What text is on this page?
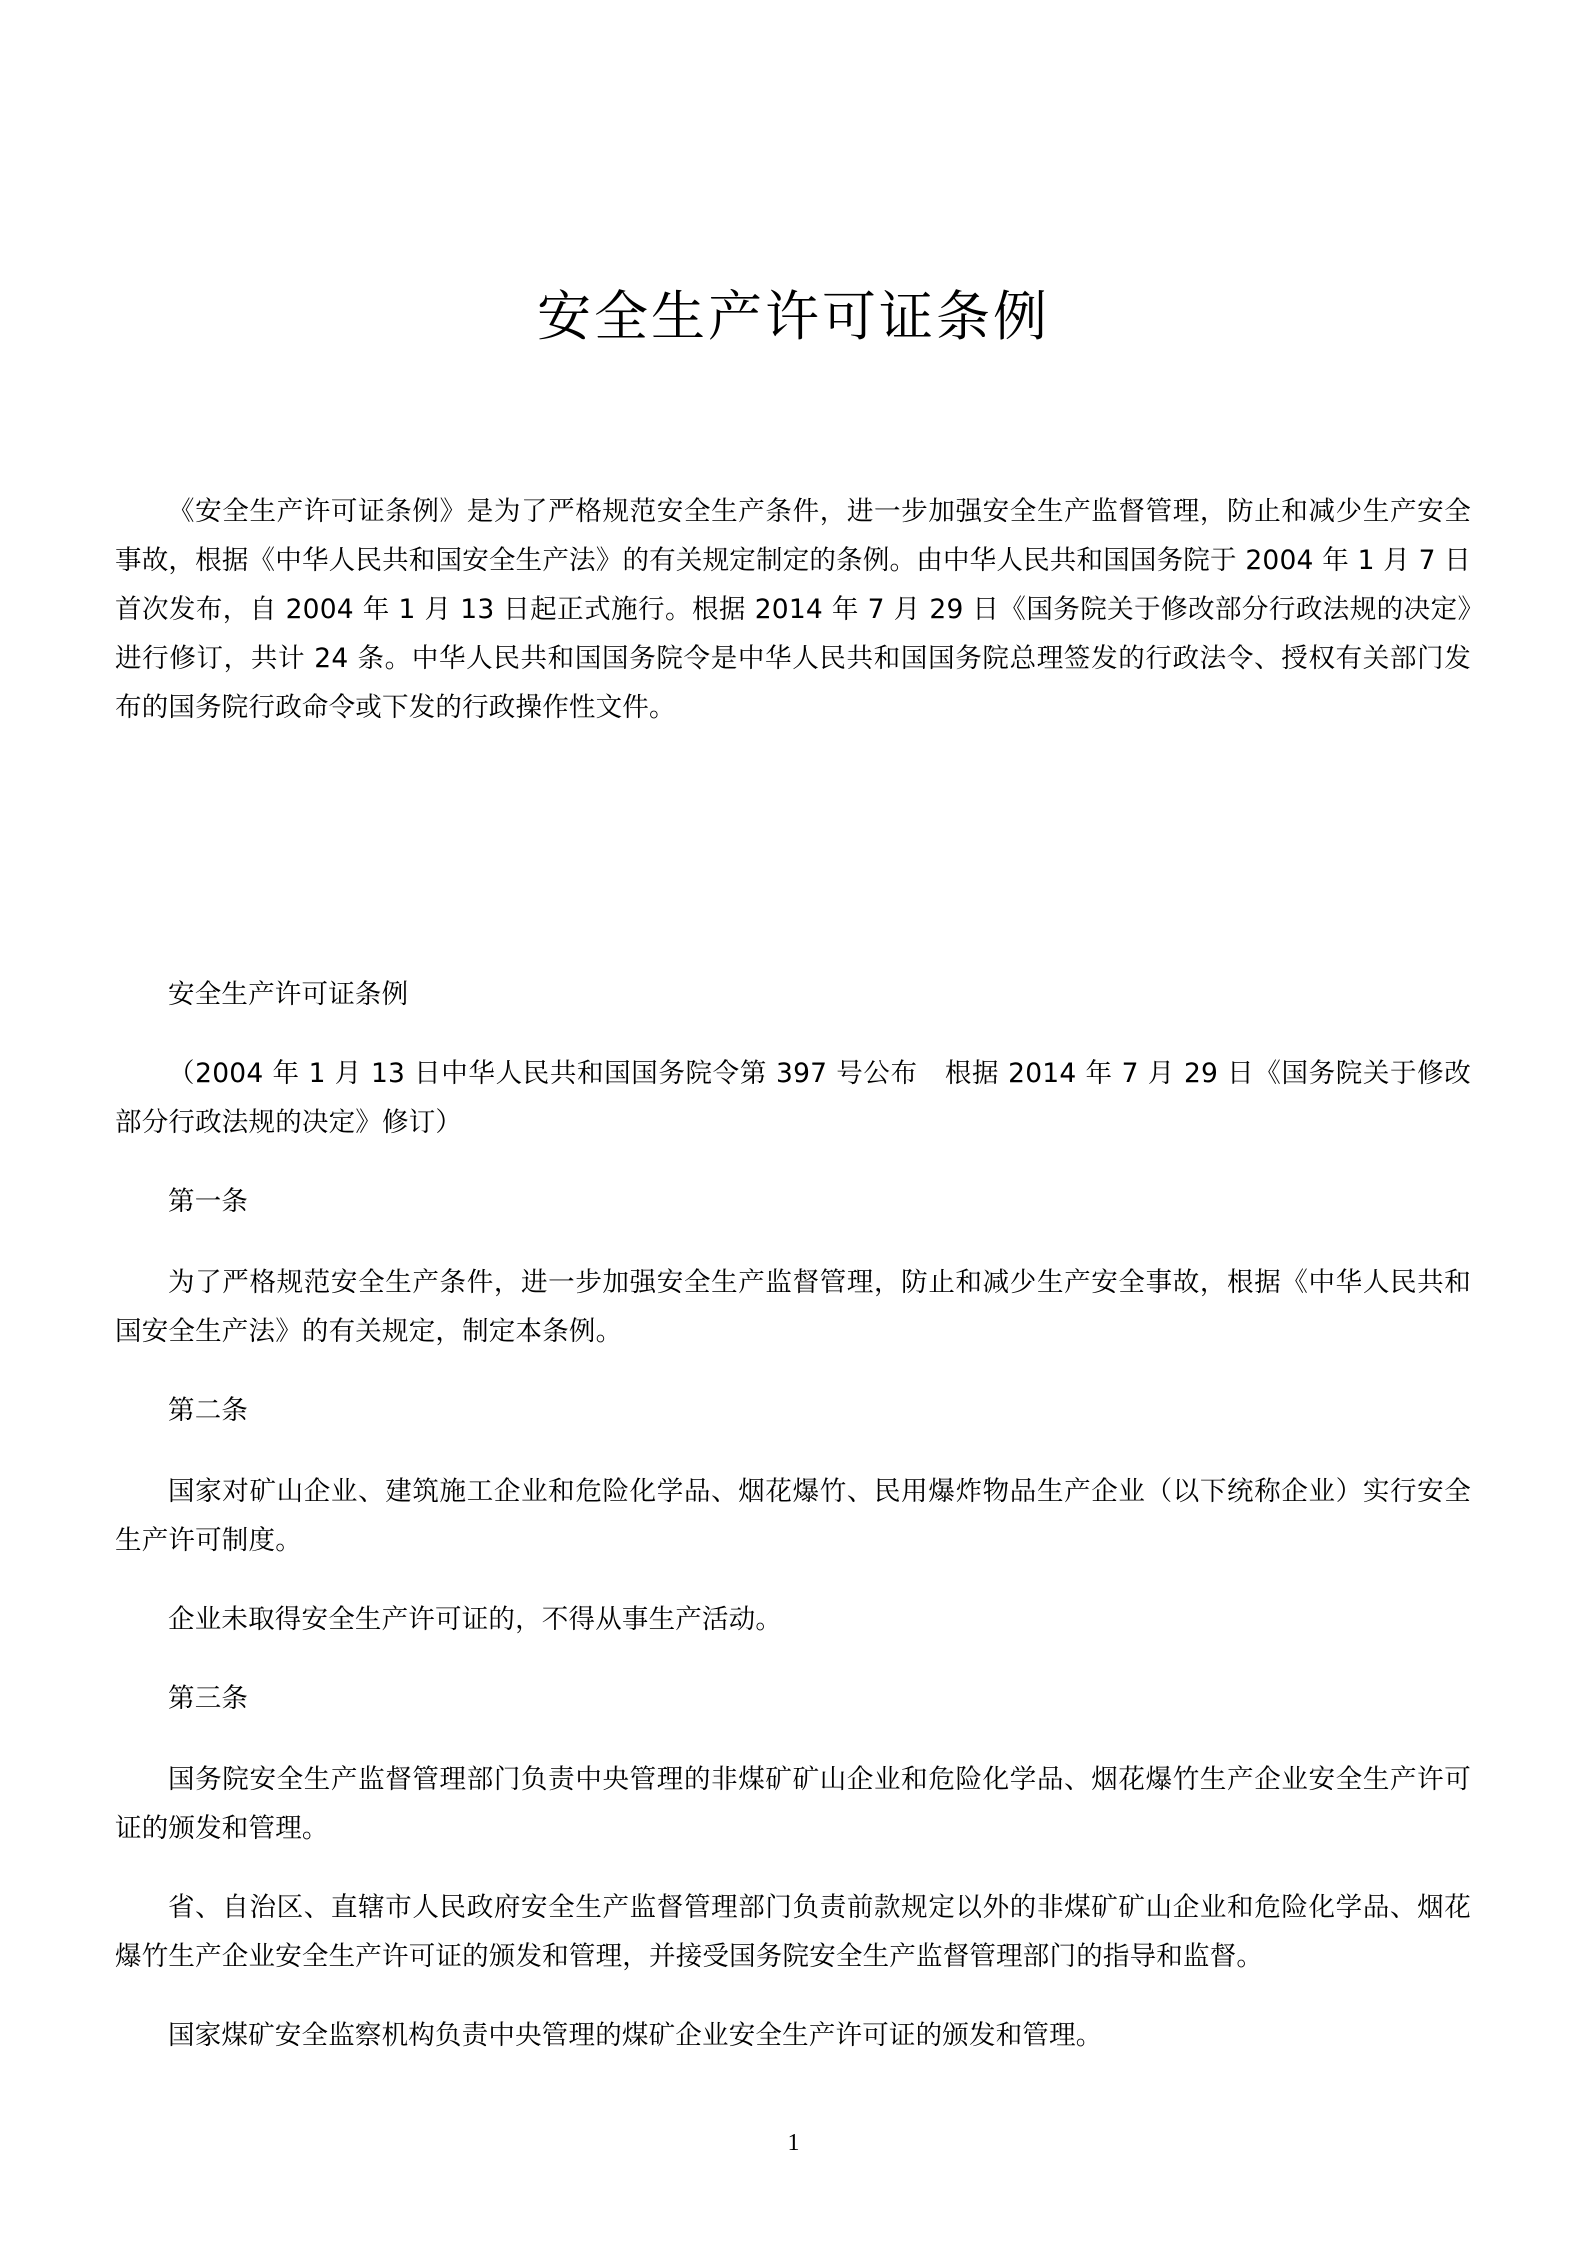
安全生产许可证条例

《安全生产许可证条例》是为了严格规范安全生产条件，进一步加强安全生产监督管理，防止和减少生产安全事故，根据《中华人民共和国安全生产法》的有关规定制定的条例。由中华人民共和国国务院于 2004 年 1 月 7 日首次发布，自 2004 年 1 月 13 日起正式施行。根据 2014 年 7 月 29 日《国务院关于修改部分行政法规的决定》进行修订，共计 24 条。中华人民共和国国务院令是中华人民共和国国务院总理签发的行政法令、授权有关部门发布的国务院行政命令或下发的行政操作性文件。

安全生产许可证条例

（2004 年 1 月 13 日中华人民共和国国务院令第 397 号公布　根据 2014 年 7 月 29 日《国务院关于修改部分行政法规的决定》修订）

第一条

为了严格规范安全生产条件，进一步加强安全生产监督管理，防止和减少生产安全事故，根据《中华人民共和国安全生产法》的有关规定，制定本条例。

第二条

国家对矿山企业、建筑施工企业和危险化学品、烟花爆竹、民用爆炸物品生产企业（以下统称企业）实行安全生产许可制度。

企业未取得安全生产许可证的，不得从事生产活动。

第三条

国务院安全生产监督管理部门负责中央管理的非煤矿矿山企业和危险化学品、烟花爆竹生产企业安全生产许可证的颁发和管理。

省、自治区、直辖市人民政府安全生产监督管理部门负责前款规定以外的非煤矿矿山企业和危险化学品、烟花爆竹生产企业安全生产许可证的颁发和管理，并接受国务院安全生产监督管理部门的指导和监督。

国家煤矿安全监察机构负责中央管理的煤矿企业安全生产许可证的颁发和管理。

1
